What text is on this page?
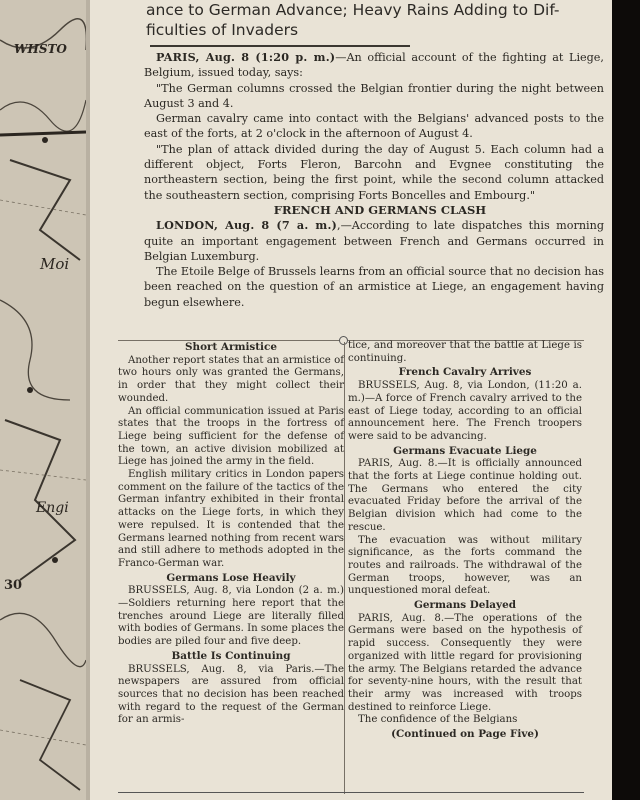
WHSTO
Moi
Engi
30
ance to German Advance; Heavy Rains Adding to Dif-
ficulties of Invaders

PARIS, Aug. 8 (1:20 p. m.)—An official account of the fighting at Liege, Belgium, issued today, says:

"The German columns crossed the Belgian frontier during the night between August 3 and 4.

German cavalry came into contact with the Belgians' advanced posts to the east of the forts, at 2 o'clock in the afternoon of August 4.

"The plan of attack divided during the day of August 5. Each column had a different object, Forts Fleron, Barcohn and Evgnee constituting the northeastern section, being the first point, while the second column attacked the southeastern section, comprising Forts Boncelles and Embourg."

FRENCH AND GERMANS CLASH

LONDON, Aug. 8 (7 a. m.),—According to late dispatches this morning quite an important engagement between French and Germans occurred in Belgian Luxemburg.

The Etoile Belge of Brussels learns from an official source that no decision has been reached on the question of an armistice at Liege, an engagement having begun elsewhere.

Short Armistice

Another report states that an armistice of two hours only was granted the Germans, in order that they might collect their wounded.

An official communication issued at Paris states that the troops in the fortress of Liege being sufficient for the defense of the town, an active division mobilized at Liege has joined the army in the field.

English military critics in London papers comment on the failure of the tactics of the German infantry exhibited in their frontal attacks on the Liege forts, in which they were repulsed. It is contended that the Germans learned nothing from recent wars and still adhere to methods adopted in the Franco-German war.

Germans Lose Heavily

BRUSSELS, Aug. 8, via London (2 a. m.)—Soldiers returning here report that the trenches around Liege are literally filled with bodies of Germans. In some places the bodies are piled four and five deep.

Battle Is Continuing

BRUSSELS, Aug. 8, via Paris.—The newspapers are assured from official sources that no decision has been reached with regard to the request of the German for an armis-

tice, and moreover that the battle at Liege is continuing.

French Cavalry Arrives

BRUSSELS, Aug. 8, via London, (11:20 a. m.)—A force of French cavalry arrived to the east of Liege today, according to an official announcement here. The French troopers were said to be advancing.

Germans Evacuate Liege

PARIS, Aug. 8.—It is officially announced that the forts at Liege continue holding out. The Germans who entered the city evacuated Friday before the arrival of the Belgian division which had come to the rescue.

The evacuation was without military significance, as the forts command the routes and railroads. The withdrawal of the German troops, however, was an unquestioned moral defeat.

Germans Delayed

PARIS, Aug. 8.—The operations of the Germans were based on the hypothesis of rapid success. Consequently they were organized with little regard for provisioning the army. The Belgians retarded the advance for seventy-nine hours, with the result that their army was increased with troops destined to reinforce Liege.

The confidence of the Belgians

(Continued on Page Five)
